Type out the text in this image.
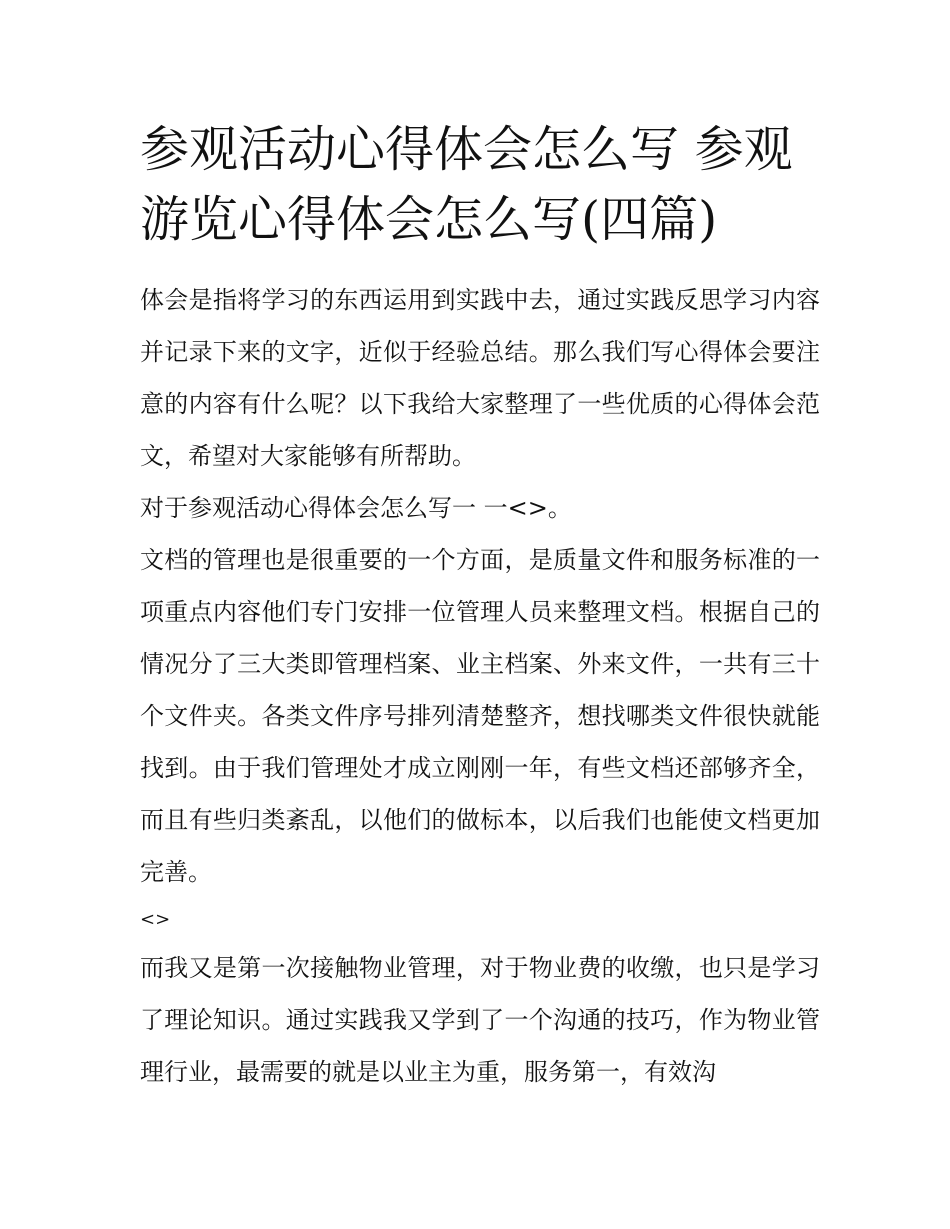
参观活动心得体会怎么写 参观游览心得体会怎么写(四篇)

体会是指将学习的东西运用到实践中去，通过实践反思学习内容并记录下来的文字，近似于经验总结。那么我们写心得体会要注意的内容有什么呢？以下我给大家整理了一些优质的心得体会范文，希望对大家能够有所帮助。

对于参观活动心得体会怎么写一 一<>。

文档的管理也是很重要的一个方面，是质量文件和服务标准的一项重点内容他们专门安排一位管理人员来整理文档。根据自己的情况分了三大类即管理档案、业主档案、外来文件，一共有三十个文件夹。各类文件序号排列清楚整齐，想找哪类文件很快就能找到。由于我们管理处才成立刚刚一年，有些文档还部够齐全，而且有些归类紊乱，以他们的做标本，以后我们也能使文档更加完善。

<>

而我又是第一次接触物业管理，对于物业费的收缴，也只是学习了理论知识。通过实践我又学到了一个沟通的技巧，作为物业管理行业，最需要的就是以业主为重，服务第一，有效沟
